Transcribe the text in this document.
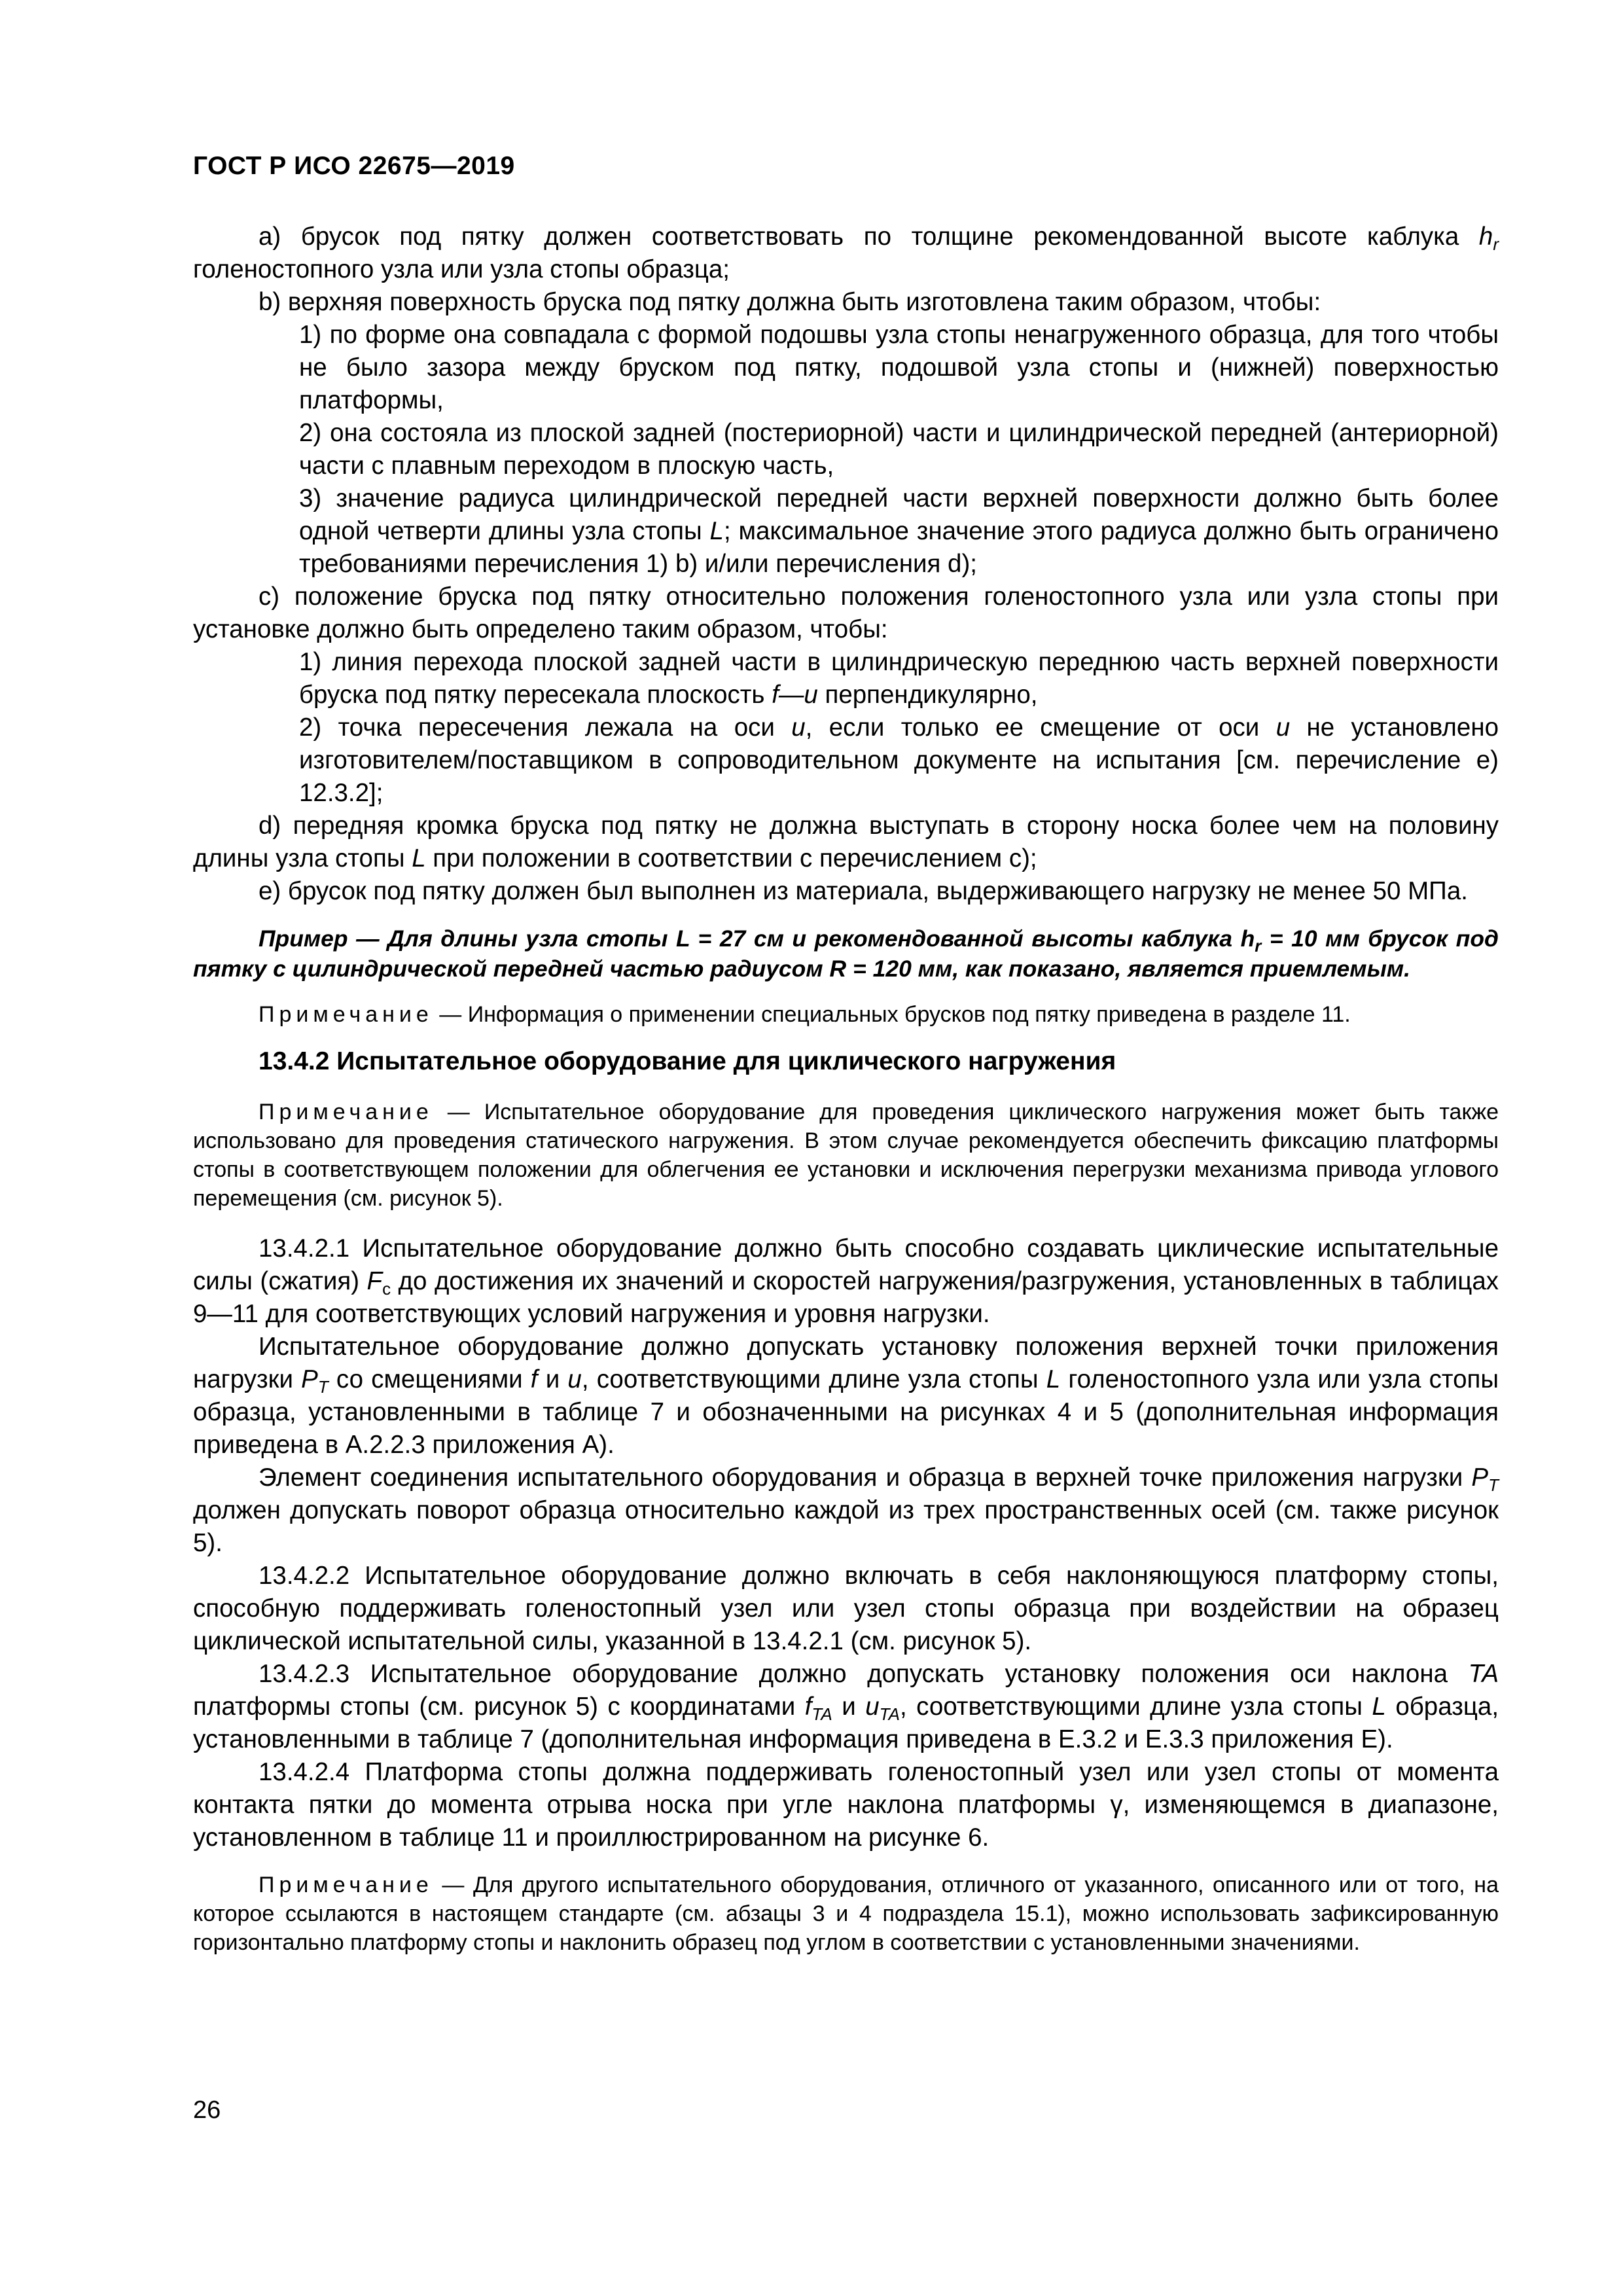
ГОСТ Р ИСО 22675—2019

a) брусок под пятку должен соответствовать по толщине рекомендованной высоте каблука $h_r$ голеностопного узла или узла стопы образца;

b) верхняя поверхность бруска под пятку должна быть изготовлена таким образом, чтобы:

1) по форме она совпадала с формой подошвы узла стопы ненагруженного образца, для того чтобы не было зазора между бруском под пятку, подошвой узла стопы и (нижней) поверхностью платформы,

2) она состояла из плоской задней (постериорной) части и цилиндрической передней (антериорной) части с плавным переходом в плоскую часть,

3) значение радиуса цилиндрической передней части верхней поверхности должно быть более одной четверти длины узла стопы L; максимальное значение этого радиуса должно быть ограничено требованиями перечисления 1) b) и/или перечисления d);

c) положение бруска под пятку относительно положения голеностопного узла или узла стопы при установке должно быть определено таким образом, чтобы:

1) линия перехода плоской задней части в цилиндрическую переднюю часть верхней поверхности бруска под пятку пересекала плоскость f—u перпендикулярно,

2) точка пересечения лежала на оси u, если только ее смещение от оси u не установлено изготовителем/поставщиком в сопроводительном документе на испытания [см. перечисление е) 12.3.2];

d) передняя кромка бруска под пятку не должна выступать в сторону носка более чем на половину длины узла стопы L при положении в соответствии с перечислением c);

e) брусок под пятку должен был выполнен из материала, выдерживающего нагрузку не менее 50 МПа.

Пример — Для длины узла стопы L = 27 см и рекомендованной высоты каблука $h_r = 10$ мм брусок под пятку с цилиндрической передней частью радиусом R = 120 мм, как показано, является приемлемым.

Примечание — Информация о применении специальных брусков под пятку приведена в разделе 11.

13.4.2 Испытательное оборудование для циклического нагружения

Примечание — Испытательное оборудование для проведения циклического нагружения может быть также использовано для проведения статического нагружения. В этом случае рекомендуется обеспечить фиксацию платформы стопы в соответствующем положении для облегчения ее установки и исключения перегрузки механизма привода углового перемещения (см. рисунок 5).

13.4.2.1 Испытательное оборудование должно быть способно создавать циклические испытательные силы (сжатия) $F_c$ до достижения их значений и скоростей нагружения/разгружения, установленных в таблицах 9—11 для соответствующих условий нагружения и уровня нагрузки.

Испытательное оборудование должно допускать установку положения верхней точки приложения нагрузки $P_T$ со смещениями f и u, соответствующими длине узла стопы L голеностопного узла или узла стопы образца, установленными в таблице 7 и обозначенными на рисунках 4 и 5 (дополнительная информация приведена в А.2.2.3 приложения А).

Элемент соединения испытательного оборудования и образца в верхней точке приложения нагрузки $P_T$ должен допускать поворот образца относительно каждой из трех пространственных осей (см. также рисунок 5).

13.4.2.2 Испытательное оборудование должно включать в себя наклоняющуюся платформу стопы, способную поддерживать голеностопный узел или узел стопы образца при воздействии на образец циклической испытательной силы, указанной в 13.4.2.1 (см. рисунок 5).

13.4.2.3 Испытательное оборудование должно допускать установку положения оси наклона TA платформы стопы (см. рисунок 5) с координатами $f_{TA}$ и $u_{TA}$, соответствующими длине узла стопы L образца, установленными в таблице 7 (дополнительная информация приведена в Е.3.2 и Е.3.3 приложения Е).

13.4.2.4 Платформа стопы должна поддерживать голеностопный узел или узел стопы от момента контакта пятки до момента отрыва носка при угле наклона платформы γ, изменяющемся в диапазоне, установленном в таблице 11 и проиллюстрированном на рисунке 6.

Примечание — Для другого испытательного оборудования, отличного от указанного, описанного или от того, на которое ссылаются в настоящем стандарте (см. абзацы 3 и 4 подраздела 15.1), можно использовать зафиксированную горизонтально платформу стопы и наклонить образец под углом в соответствии с установленными значениями.

26
